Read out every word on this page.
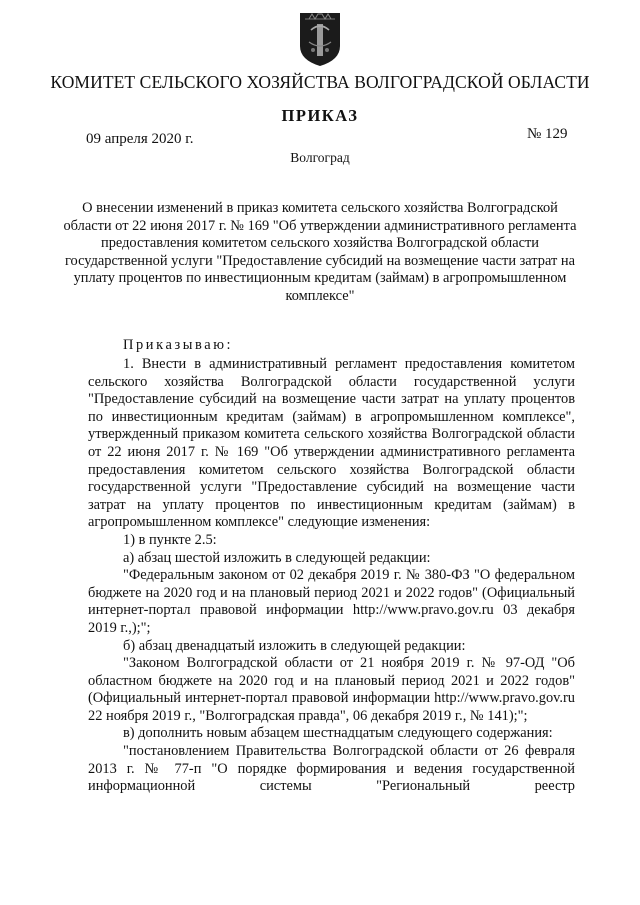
КОМИТЕТ СЕЛЬСКОГО ХОЗЯЙСТВА ВОЛГОГРАДСКОЙ ОБЛАСТИ
ПРИКАЗ
09 апреля 2020 г.	№ 129
Волгоград
О внесении изменений в приказ комитета сельского хозяйства Волгоградской области от 22 июня 2017 г. № 169 "Об утверждении административного регламента предоставления комитетом сельского хозяйства Волгоградской области государственной услуги "Предоставление субсидий на возмещение части затрат на уплату процентов по инвестиционным кредитам (займам) в агропромышленном комплексе"
Приказываю:

1. Внести в административный регламент предоставления комитетом сельского хозяйства Волгоградской области государственной услуги "Предоставление субсидий на возмещение части затрат на уплату процентов по инвестиционным кредитам (займам) в агропромышленном комплексе", утвержденный приказом комитета сельского хозяйства Волгоградской области от 22 июня 2017 г. № 169 "Об утверждении административного регламента предоставления комитетом сельского хозяйства Волгоградской области государственной услуги "Предоставление субсидий на возмещение части затрат на уплату процентов по инвестиционным кредитам (займам) в агропромышленном комплексе" следующие изменения:

1) в пункте 2.5:

а) абзац шестой изложить в следующей редакции:

"Федеральным законом от 02 декабря 2019 г. № 380-ФЗ "О федеральном бюджете на 2020 год и на плановый период 2021 и 2022 годов" (Официальный интернет-портал правовой информации http://www.pravo.gov.ru 03 декабря 2019 г.,);";

б) абзац двенадцатый изложить в следующей редакции:

"Законом Волгоградской области от 21 ноября 2019 г. № 97-ОД "Об областном бюджете на 2020 год и на плановый период 2021 и 2022 годов" (Официальный интернет-портал правовой информации http://www.pravo.gov.ru 22 ноября 2019 г., "Волгоградская правда", 06 декабря 2019 г., № 141);";

в) дополнить новым абзацем шестнадцатым следующего содержания:

"постановлением Правительства Волгоградской области от 26 февраля 2013 г. № 77-п "О порядке формирования и ведения государственной информационной системы "Региональный реестр
